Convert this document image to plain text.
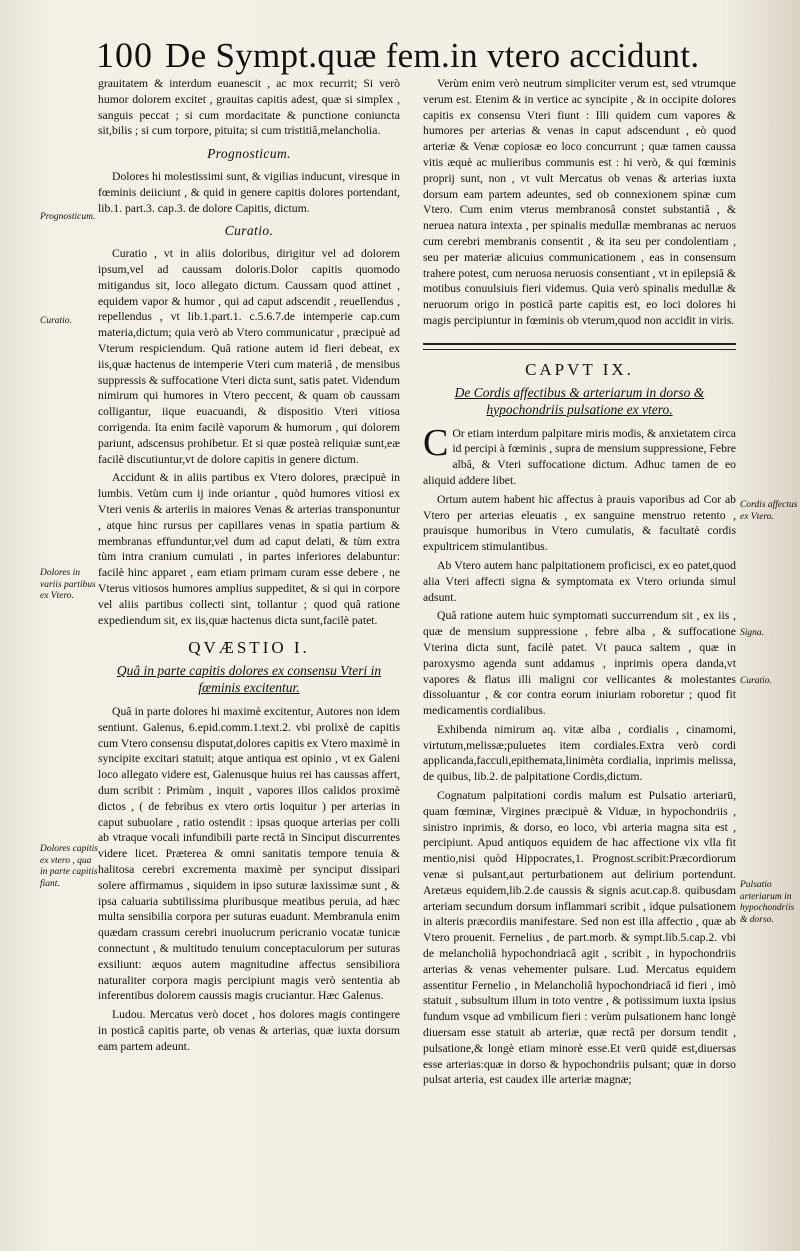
100 De Sympt.quæ fem.in vtero accidunt.

grauitatem & interdum euanescit , ac mox recurrit; Si verò humor dolorem excitet , grauitas capitis adest, quæ si simplex , sanguis peccat ; si cum mordacitate & punctione coniuncta sit,bilis ; si cum torpore, pituita; si cum tristitiâ,melancholia.

Prognosticum.

Dolores hi molestissimi sunt, & vigilias inducunt, viresque in fœminis deiiciunt , & quid in genere capitis dolores portendant, lib.1. part.3. cap.3. de dolore Capitis, dictum.

Curatio.

Curatio , vt in aliis doloribus, dirigitur vel ad dolorem ipsum,vel ad caussam doloris.Dolor capitis quomodo mitigandus sit, loco allegato dictum. Caussam quod attinet , equidem vapor & humor , qui ad caput adscendit , reuellendus , repellendus , vt lib.1.part.1. c.5.6.7.de intemperie cap.cum materia,dictum; quia verò ab Vtero communicatur , præcipuè ad Vterum respiciendum. Quâ ratione autem id fieri debeat, ex iis,quæ hactenus de intemperie Vteri cum materiâ , de mensibus suppressis & suffocatione Vteri dicta sunt, satis patet. Videndum nimirum qui humores in Vtero peccent, & quam ob caussam colligantur, iique euacuandi, & dispositio Vteri vitiosa corrigenda. Ita enim facilè vaporum & humorum , qui dolorem pariunt, adscensus prohibetur. Et si quæ posteà reliquiæ sunt,eæ facilè discutiuntur,vt de dolore capitis in genere dictum.

Accidunt & in aliis partibus ex Vtero dolores, præcipuè in lumbis. Vetùm cum ij inde oriantur , quòd humores vitiosi ex Vteri venis & arteriis in maiores Venas & arterias transponuntur , atque hinc rursus per capillares venas in spatia partium & membranas effunduntur,vel dum ad caput delati, & tùm extra tùm intra cranium cumulati , in partes inferiores delabuntur: facilè hinc apparet , eam etiam primam curam esse debere , ne Vterus vitiosos humores amplius suppeditet, & si qui in corpore vel aliis partibus collecti sint, tollantur ; quod quâ ratione expediendum sit, ex iis,quæ hactenus dicta sunt,facilè patet.

QVÆSTIO I.
Quâ in parte capitis dolores ex consensu Vteri in fœminis excitentur.

Quâ in parte dolores hi maximè excitentur, Autores non idem sentiunt. Galenus, 6.epid.comm.1.text.2. vbi prolixè de capitis cum Vtero consensu disputat,dolores capitis ex Vtero maximè in syncipite excitari statuit; atque antiqua est opinio , vt ex Galeni loco allegato videre est, Galenusque huius rei has caussas affert, dum scribit : Primùm , inquit , vapores illos calidos proximè dictos , ( de febribus ex vtero ortis loquitur ) per arterias in caput subuolare , ratio ostendit : ipsas quoque arterias per colli ab vtraque vocali infundibili parte rectâ in Sinciput discurrentes videre licet. Præterea & omni sanitatis tempore tenuia & halitosa cerebri excrementa maximè per synciput dissipari solere affirmamus , siquidem in ipso suturæ laxissimæ sunt , & ipsa caluaria subtilissima pluribusque meatibus peruia, ad hæc multa sensibilia corpora per suturas euadunt. Membranula enim quædam crassum cerebri inuolucrum pericranio vocatæ tunicæ connectunt , & multitudo tenuium conceptaculorum per suturas exsiliunt: æquos autem magnitudine affectus sensibiliora naturaliter corpora magis percipiunt magis verò sententia ab inferentibus dolorem caussis magis cruciantur. Hæc Galenus.

Ludou. Mercatus verò docet , hos dolores magis contingere in posticâ capitis parte, ob venas & arterias, quæ iuxta dorsum eam partem adeunt.

Verùm enim verò neutrum simpliciter verum est, sed vtrumque verum est. Etenim & in vertice ac syncipite , & in occipite dolores capitis ex consensu Vteri fiunt : Illi quidem cum vapores & humores per arterias & venas in caput adscendunt , eò quod arteriæ & Venæ copiosæ eo loco concurrunt ; quæ tamen caussa vitis æquè ac mulieribus communis est : hi verò, & qui fœminis proprij sunt, non , vt vult Mercatus ob venas & arterias iuxta dorsum eam partem adeuntes, sed ob connexionem spinæ cum Vtero. Cum enim vterus membranosâ constet substantiâ , & neruea natura intexta , per spinalis medullæ membranas ac neruos cum cerebri membranis consentit , & ita seu per condolentiam , seu per materiæ alicuius communicationem , eas in consensum trahere potest, cum neruosa neruosis consentiant , vt in epilepsiâ & motibus conuulsiuis fieri videmus. Quia verò spinalis medullæ & neruorum origo in posticâ parte capitis est, eo loci dolores hi magis percipiuntur in fœminis ob vterum,quod non accidit in viris.

CAPVT IX.
De Cordis affectibus & arteriarum in dorso & hypochondriis pulsatione ex vtero.

C Or etiam interdum palpitare miris modis, & anxietatem circa id percipi à fœminis , supra de mensium suppressione, Febre albâ, & Vteri suffocatione dictum. Adhuc tamen de eo aliquid addere libet.

Ortum autem habent hic affectus à prauis vaporibus ad Cor ab Vtero per arterias eleuatis , ex sanguine menstruo retento , prauisque humoribus in Vtero cumulatis, & facultatè cordis expultricem stimulantibus.

Ab Vtero autem hanc palpitationem proficisci, ex eo patet,quod alia Vteri affecti signa & symptomata ex Vtero oriunda simul adsunt.

Quâ ratione autem huic symptomati succurrendum sit , ex iis , quæ de mensium suppressione , febre alba , & suffocatione Vterina dicta sunt, facilè patet. Vt pauca saltem , quæ in paroxysmo agenda sunt addamus , inprimis opera danda,vt vapores & flatus illi maligni cor vellicantes & molestantes dissoluantur , & cor contra eorum iniuriam roboretur ; quod fit medicamentis cordialibus.

Exhibenda nimirum aq. vitæ alba , cordialis , cinamomi, virtutum,melissæ;puluetes item cordiales.Extra verò cordi applicanda,facculi,epithemata,linimèta cordialia, inprimis melissa, de quibus, lib.2. de palpitatione Cordis,dictum.

Cognatum palpitationi cordis malum est Pulsatio arteriarū, quam fœminæ, Virgines præcipuè & Viduæ, in hypochondriis , sinistro inprimis, & dorso, eo loco, vbi arteria magna sita est , percipiunt. Apud antiquos equidem de hac affectione vix vlla fit mentio,nisi quòd Hippocrates,1. Prognost.scribit:Præcordiorum venæ si pulsant,aut perturbationem aut delirium portendunt. Aretæus equidem,lib.2.de caussis & signis acut.cap.8. quibusdam arteriam secundum dorsum inflammari scribit , idque pulsationem in alteris præcordiis manifestare. Sed non est illa affectio , quæ ab Vtero prouenit. Fernelius , de part.morb. & sympt.lib.5.cap.2. vbi de melancholiâ hypochondriacâ agit , scribit , in hypochondriis arterias & venas vehementer pulsare. Lud. Mercatus equidem assentitur Fernelio , in Melancholiâ hypochondriacâ id fieri , imò statuit , subsultum illum in toto ventre , & potissimum iuxta ipsius fundum vsque ad vmbilicum fieri : verùm pulsationem hanc longè diuersam esse statuit ab arteriæ, quæ rectâ per dorsum tendit , pulsatione,& longè etiam minorè esse.Et verū quidē est,diuersas esse arterias:quæ in dorso & hypochondriis pulsant; quæ in dorso pulsat arteria, est caudex ille arteriæ magnæ;

Prognosticum.
Curatio.
Dolores in variis partibus ex Vtero.
Dolores capitis ex vtero , qua in parte capitis fiant.
Cordis affectus ex Vtero.
Signa.
Curatio.
Pulsatio arteriarum in hypochondriis & dorso.
